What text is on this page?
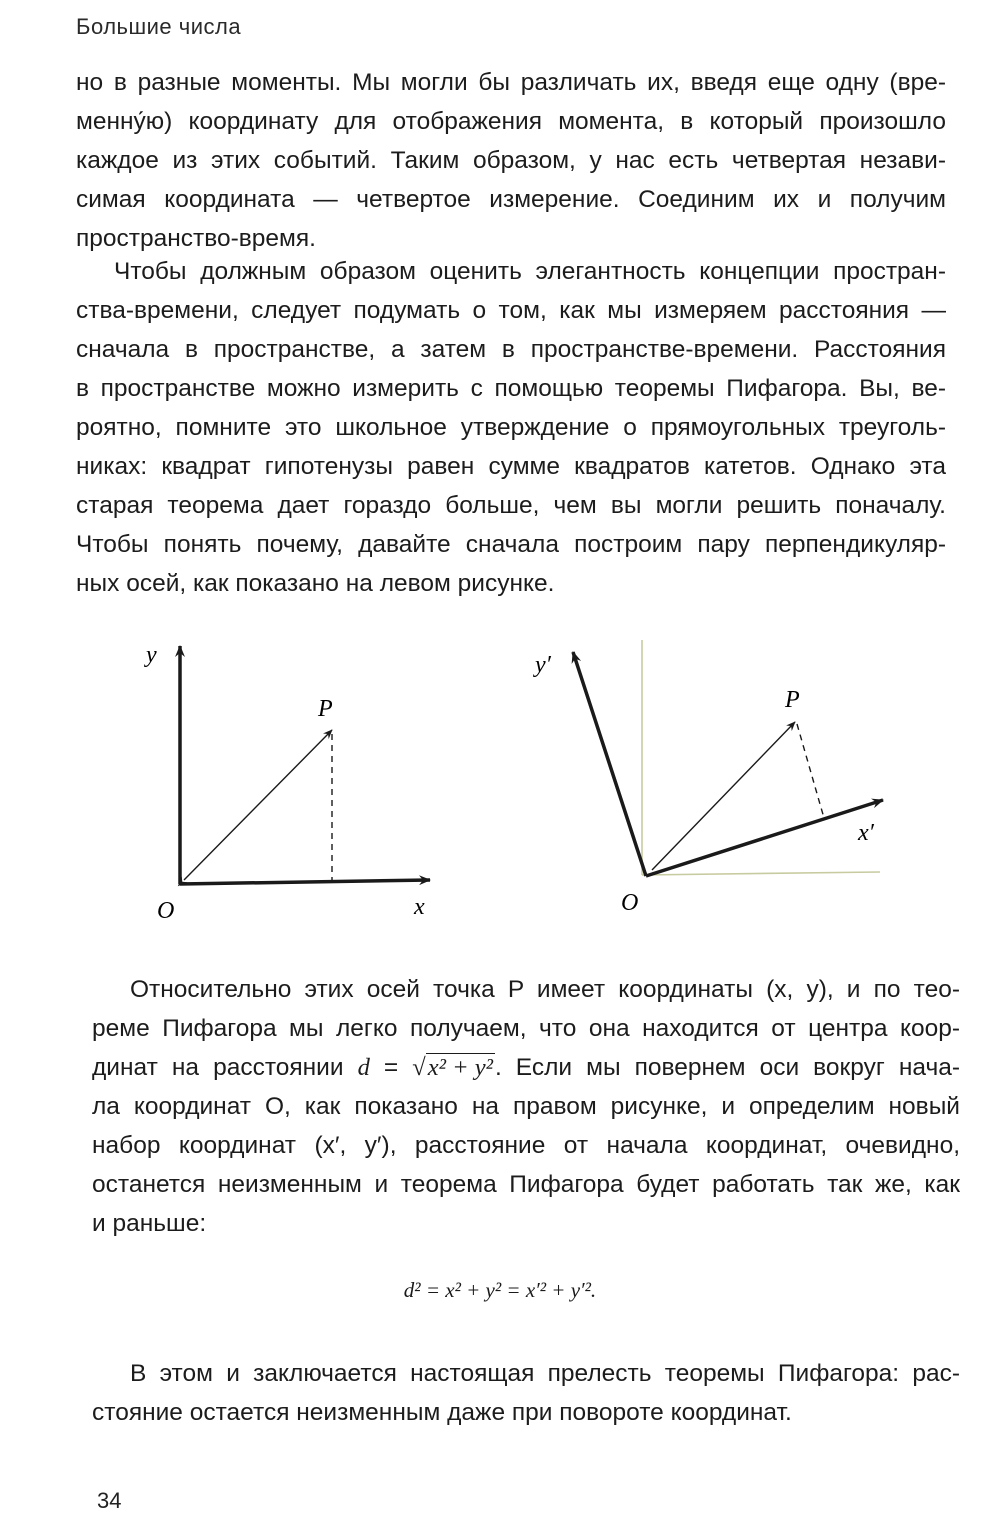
Большие числа
но в разные моменты. Мы могли бы различать их, введя еще одну (вре-
менну́ю) координату для отображения момента, в который произошло
каждое из этих событий. Таким образом, у нас есть четвертая незави-
симая координата — четвертое измерение. Соединим их и получим
пространство-время.
Чтобы должным образом оценить элегантность концепции простран-
ства-времени, следует подумать о том, как мы измеряем расстояния —
сначала в пространстве, а затем в пространстве-времени. Расстояния
в пространстве можно измерить с помощью теоремы Пифагора. Вы, ве-
роятно, помните это школьное утверждение о прямоугольных треуголь-
никах: квадрат гипотенузы равен сумме квадратов катетов. Однако эта
старая теорема дает гораздо больше, чем вы могли решить поначалу.
Чтобы понять почему, давайте сначала построим пару перпендикуляр-
ных осей, как показано на левом рисунке.
y
x
O
P
y′
x′
O
P
Относительно этих осей точка P имеет координаты (x, y), и по тео-
реме Пифагора мы легко получаем, что она находится от центра коор-
динат на расстоянии d = √x² + y². Если мы повернем оси вокруг нача-
ла координат O, как показано на правом рисунке, и определим новый
набор координат (x′, y′), расстояние от начала координат, очевидно,
останется неизменным и теорема Пифагора будет работать так же, как
и раньше:
d² = x² + y² = x′² + y′².
В этом и заключается настоящая прелесть теоремы Пифагора: рас-
стояние остается неизменным даже при повороте координат.
34
